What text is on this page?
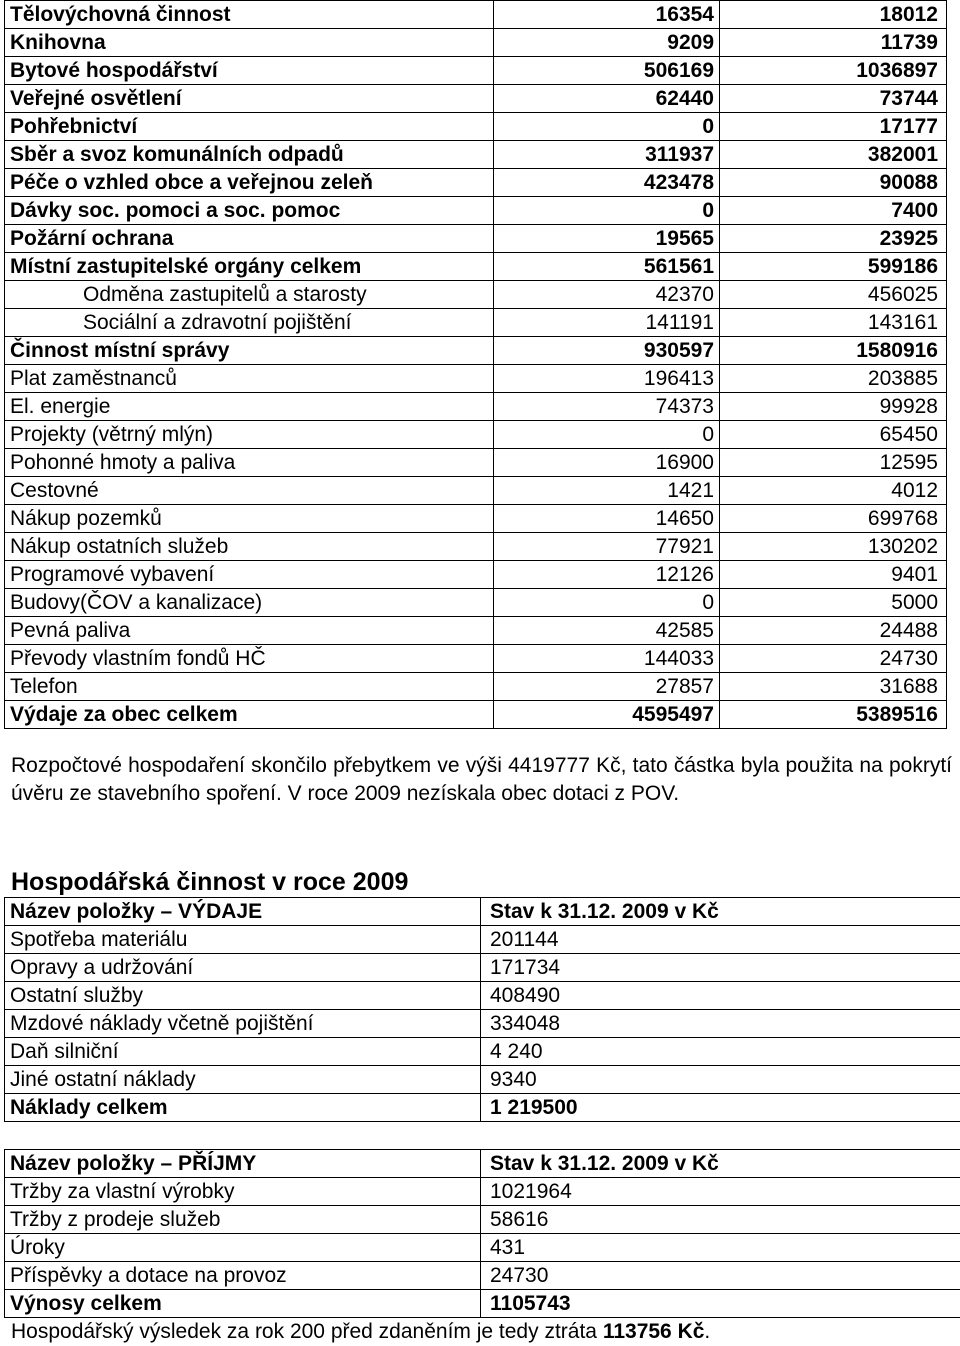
Tělovýchovná činnost	16354	18012
Knihovna	9209	11739
Bytové hospodářství	506169	1036897
Veřejné osvětlení	62440	73744
Pohřebnictví	0	17177
Sběr a svoz komunálních odpadů	311937	382001
Péče o vzhled obce a veřejnou zeleň	423478	90088
Dávky soc. pomoci a soc. pomoc	0	7400
Požární ochrana	19565	23925
Místní zastupitelské orgány celkem	561561	599186
Odměna zastupitelů a starosty	42370	456025
Sociální a zdravotní pojištění	141191	143161
Činnost místní správy	930597	1580916
Plat zaměstnanců	196413	203885
El. energie	74373	99928
Projekty (větrný mlýn)	0	65450
Pohonné hmoty a paliva	16900	12595
Cestovné	1421	4012
Nákup pozemků	14650	699768
Nákup ostatních služeb	77921	130202
Programové vybavení	12126	9401
Budovy(ČOV a kanalizace)	0	5000
Pevná paliva	42585	24488
Převody vlastním fondů HČ	144033	24730
Telefon	27857	31688
Výdaje za obec celkem	4595497	5389516
Rozpočtové hospodaření skončilo přebytkem ve výši 4419777 Kč, tato částka byla použita na pokrytí úvěru ze stavebního spoření. V roce 2009 nezískala obec dotaci z POV.
Hospodářská činnost v roce 2009
Název položky – VÝDAJE	Stav k 31.12. 2009 v Kč
Spotřeba materiálu	201144
Opravy a udržování	171734
Ostatní služby	408490
Mzdové náklady včetně pojištění	334048
Daň silniční	4 240
Jiné ostatní náklady	9340
Náklady celkem	1 219500
Název položky – PŘÍJMY	Stav k 31.12. 2009 v Kč
Tržby za vlastní výrobky	1021964
Tržby z prodeje služeb	58616
Úroky	431
Příspěvky a dotace na provoz	24730
Výnosy celkem	1105743
Hospodářský výsledek za rok 200 před zdaněním je tedy ztráta 113756 Kč.
